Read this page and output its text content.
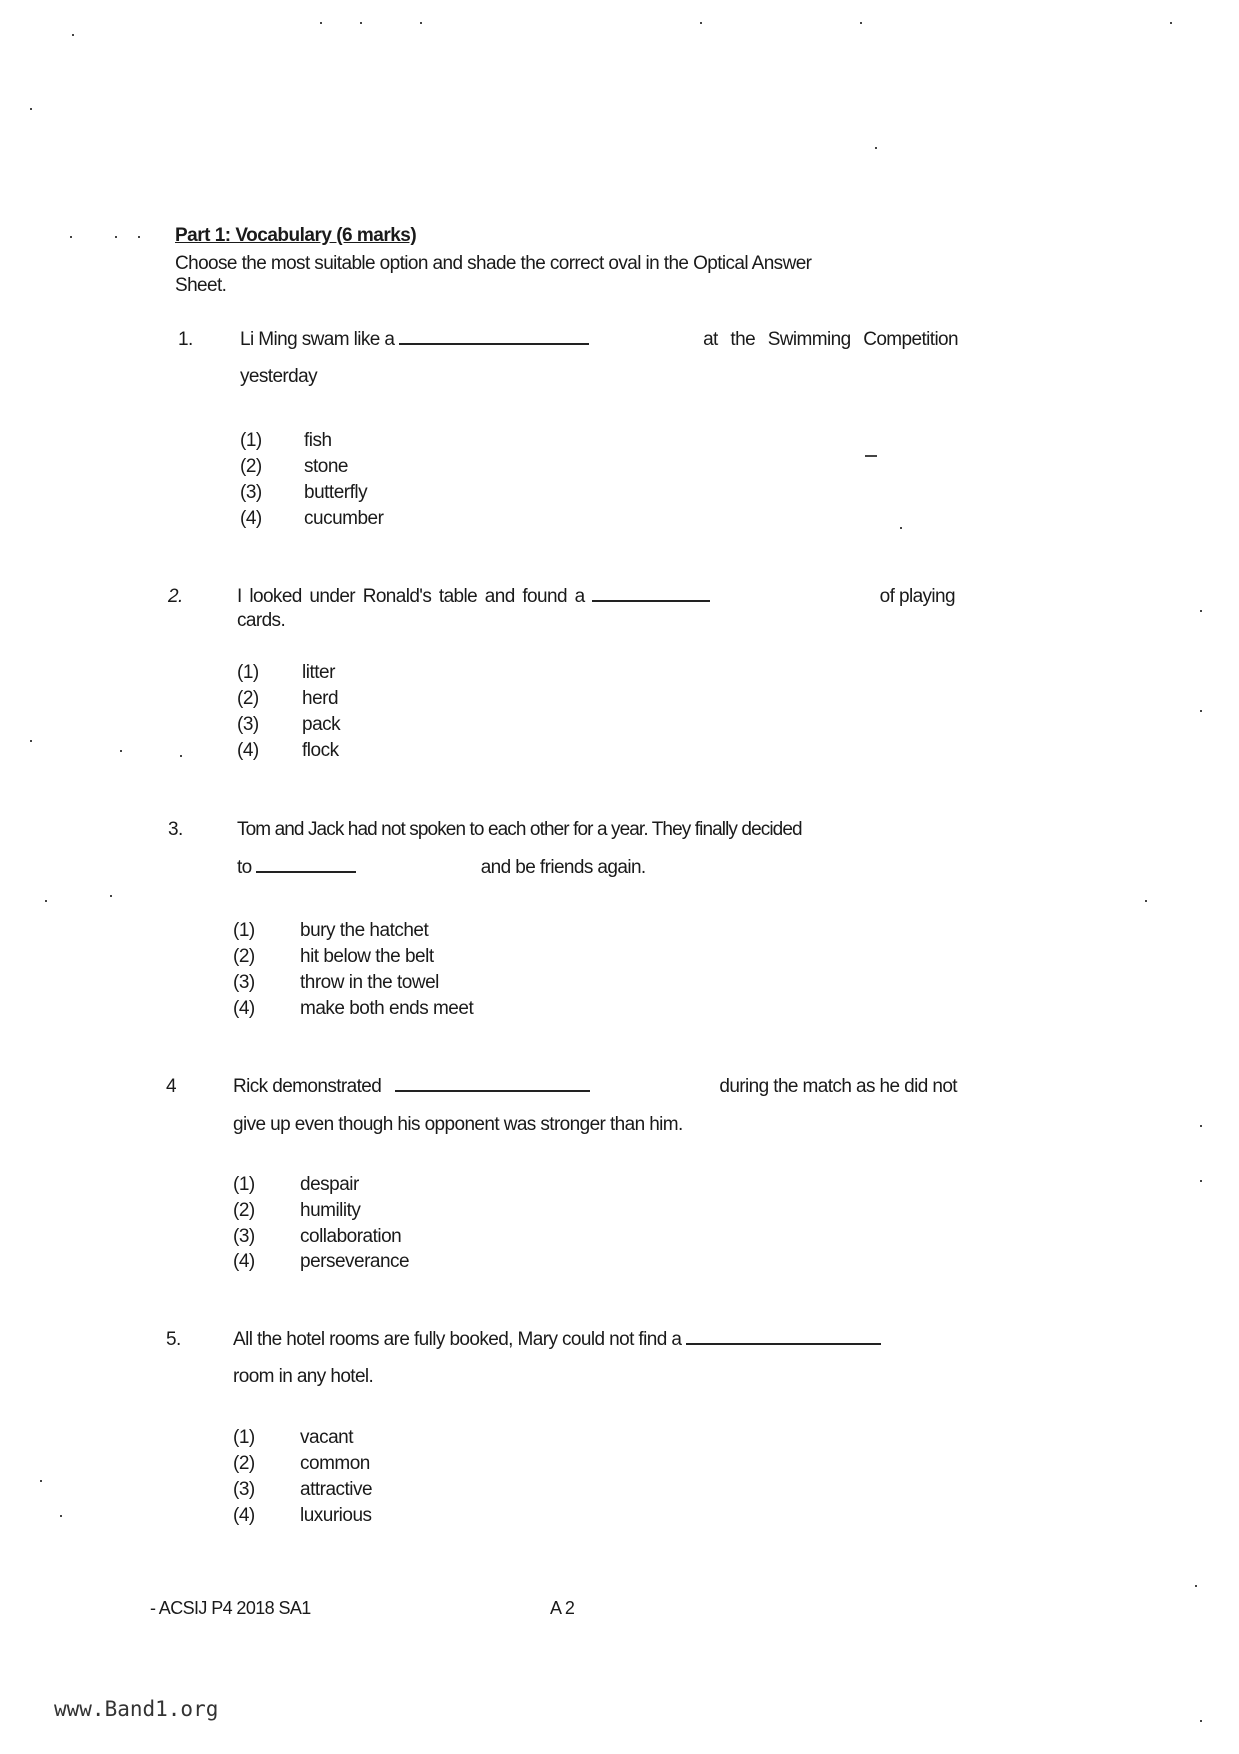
Part 1: Vocabulary (6 marks)
Choose the most suitable option and shade the correct oval in the Optical Answer
Sheet.
1. Li Ming swam like a	at the Swimming Competition
yesterday
(1) fish
(2) stone
(3) butterfly
(4) cucumber
2.	I looked under Ronald's table and found a	of playing
cards.
(1) litter
(2) herd
(3) pack
(4) flock
3.	Tom and Jack had not spoken to each other for a year. They finally decided
to	and be friends again.
(1) bury the hatchet
(2) hit below the belt
(3) throw in the towel
(4) make both ends meet
4	Rick demonstrated	during the match as he did not
give up even though his opponent was stronger than him.
(1) despair
(2) humility
(3) collaboration
(4) perseverance
5.	All the hotel rooms are fully booked, Mary could not find a
room in any hotel.
(1) vacant
(2) common
(3) attractive
(4) luxurious
- ACSIJ P4 2018 SA1	A 2
www.Band1.org
